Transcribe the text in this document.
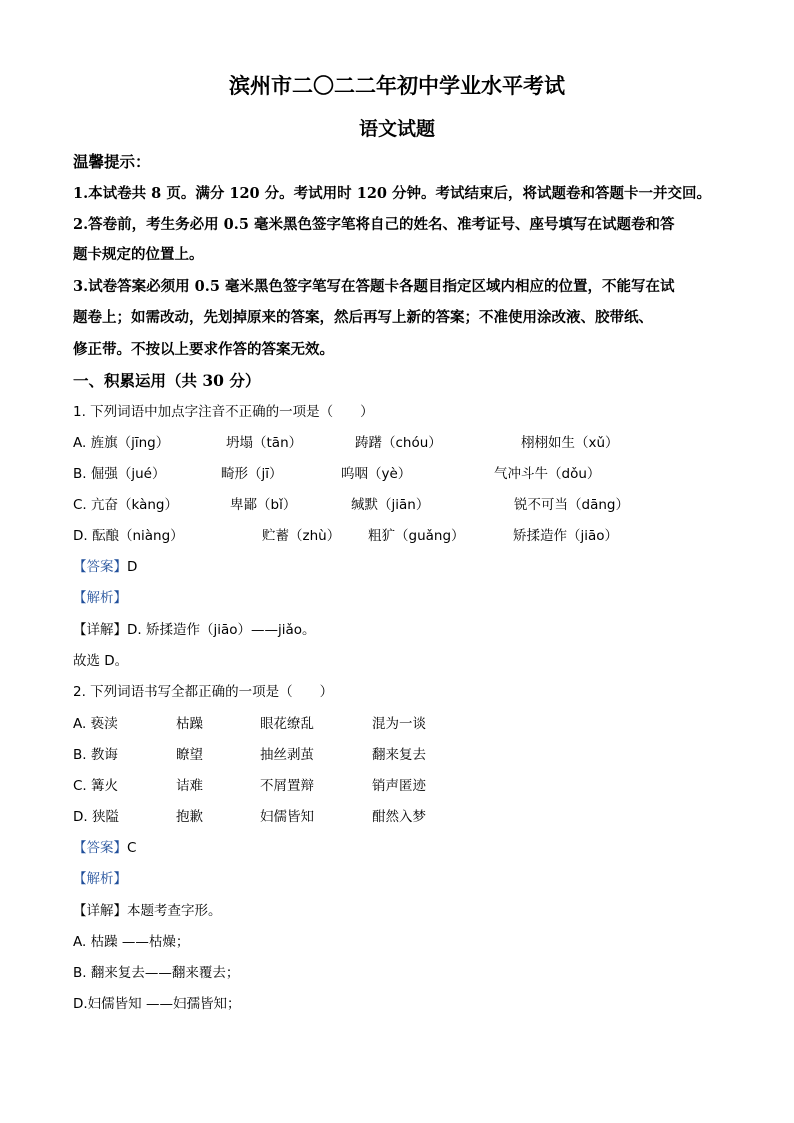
滨州市二〇二二年初中学业水平考试
语文试题
温馨提示：
1.本试卷共 8 页。满分 120 分。考试用时 120 分钟。考试结束后，将试题卷和答题卡一并交回。
2.答卷前，考生务必用 0.5 毫米黑色签字笔将自己的姓名、准考证号、座号填写在试题卷和答
题卡规定的位置上。
3.试卷答案必须用 0.5 毫米黑色签字笔写在答题卡各题目指定区域内相应的位置，不能写在试
题卷上；如需改动，先划掉原来的答案，然后再写上新的答案；不准使用涂改液、胶带纸、
修正带。不按以上要求作答的答案无效。
一、积累运用（共 30 分）
1. 下列词语中加点字注音不正确的一项是（　　）
A. 旌旗（jīng）	坍塌（tān）	踌躇（chóu）	栩栩如生（xǔ）
B. 倔强（jué）	畸形（jī）	呜咽（yè）	气冲斗牛（dǒu）
C. 亢奋（kàng）	卑鄙（bǐ）	缄默（jiān）	锐不可当（dāng）
D. 酝酿（niàng）	贮蓄（zhù） 粗犷（guǎng）	矫揉造作（jiāo）
【答案】D
【解析】
【详解】D. 矫揉造作（jiāo）——jiǎo。
故选 D。
2. 下列词语书写全都正确的一项是（　　）
A. 亵渎	枯躁	眼花缭乱	混为一谈
B. 教诲	瞭望	抽丝剥茧	翻来复去
C. 篝火	诘难	不屑置辩	销声匿迹
D. 狭隘	抱歉	妇儒皆知	酣然入梦
【答案】C
【解析】
【详解】本题考查字形。
A. 枯躁 ——枯燥；
B. 翻来复去——翻来覆去；
D.妇儒皆知 ——妇孺皆知；
